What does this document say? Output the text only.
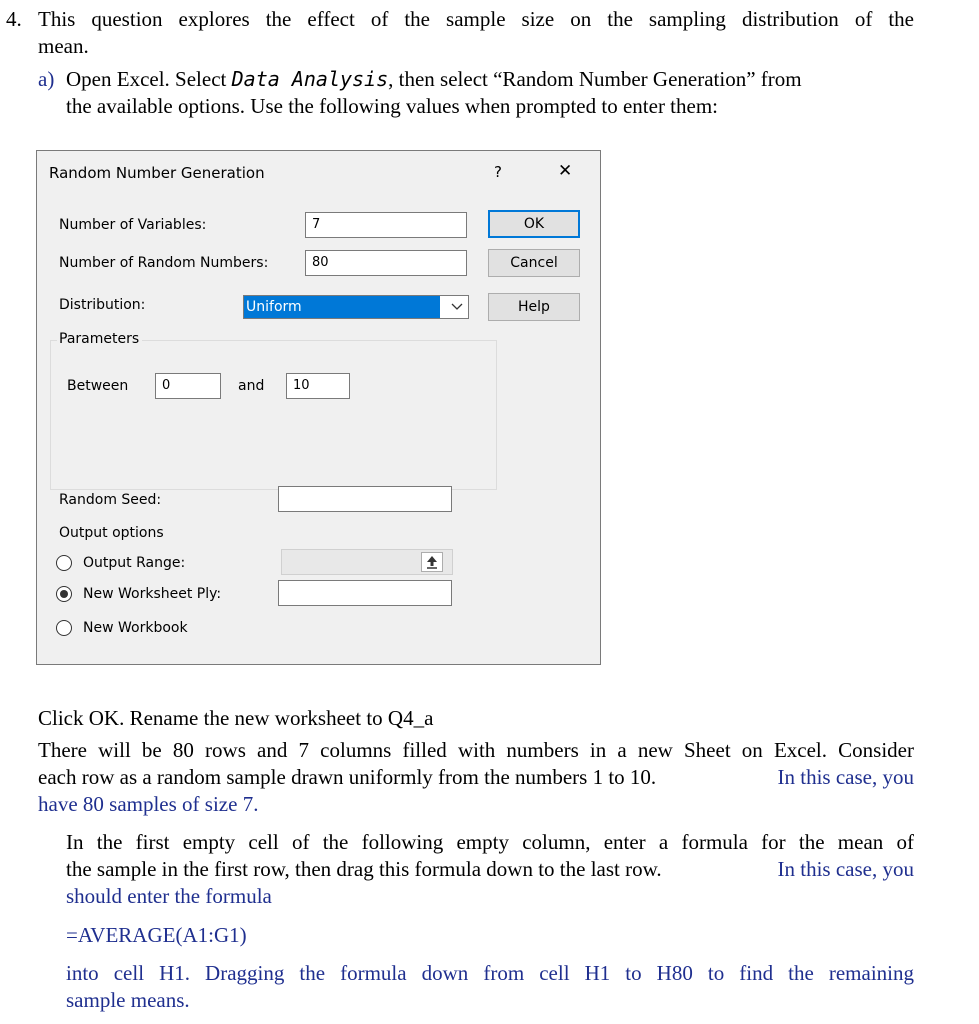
4. This question explores the effect of the sample size on the sampling distribution of the
mean.
a) Open Excel. Select Data Analysis, then select “Random Number Generation” from
the available options. Use the following values when prompted to enter them:
Random Number Generation	?	✕
Number of Variables:	7
Number of Random Numbers:	80
Distribution:	Uniform
Parameters
Between	0	and	10
Random Seed:
Output options
Output Range:
New Worksheet Ply:
New Workbook
OK
Cancel
Help
Click OK. Rename the new worksheet to Q4_a
There will be 80 rows and 7 columns filled with numbers in a new Sheet on Excel. Consider
each row as a random sample drawn uniformly from the numbers 1 to 10.	In this case, you
have 80 samples of size 7.
In the first empty cell of the following empty column, enter a formula for the mean of
the sample in the first row, then drag this formula down to the last row.	In this case, you
should enter the formula
=AVERAGE(A1:G1)
into cell H1. Dragging the formula down from cell H1 to H80 to find the remaining
sample means.
